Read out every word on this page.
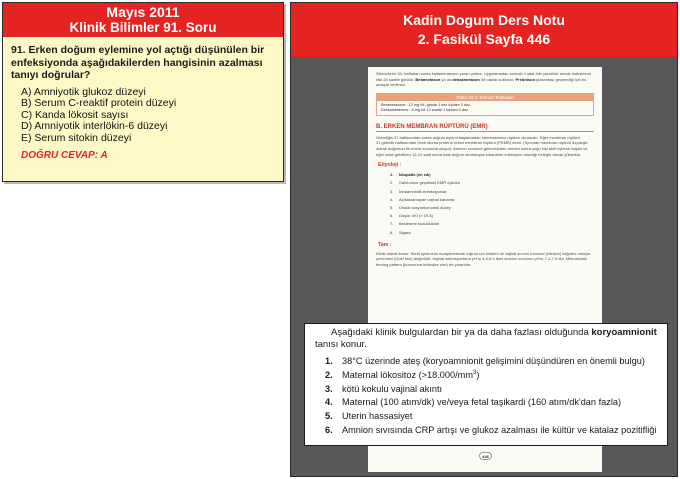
Mayıs 2011
Klinik Bilimler 91. Soru

91. Erken doğum eylemine yol açtığı düşünülen bir enfeksiyonda aşağıdakilerden hangisinin azalması tanıyı doğrular?

A) Amniyotik glukoz düzeyi
B) Serum C-reaktif protein düzeyi
C) Kanda lökosit sayısı
D) Amniyotik interlökin-6 düzeyi
E) Serum sitokin düzeyi

DOĞRU CEVAP: A

Kadin Dogum Ders Notu
2. Fasikül Sayfa 446

Steroidlerin 34. haftadan sonra kullanılmasının yararı yoktur. Uygulamadan sonraki 4 saat bile yararlıdır ancak maksimum etki 24 saatte görülür. Betametazon ya da deksametazon İM olarak kullanılır. Prednison plasentayı geçmediği için bu amaçla verilmez.

Tablo 33.2: Steroid Tedavileri
Betametazone : 12 mg IM, günde 1 kez toplam 2 doz
Deksametazone : 6 mg IM 12 saatte 1 toplam 4 doz
B. ERKEN MEMBRAN RÜPTÜRÜ (EMR)

Gebeliğin 37.haftasından sonra doğum eylemi başlamadan membranların rüptüre olmasıdır. Eğer membran rüptürü 37.gebelik haftasından önce olursa preterm erken membran rüptürü (PEMR) denir. (Spontan membran rüptürü fizyolojik olarak doğumun ilk evresi sonunda oluşur). Amnion sıvısının gelmesinden hemen sonra çoğu kişi aktif eyleme başlar ve eğer sular geldikten 12-24 saat sonra hala doğum olmamışsa intrauterin infeksiyon olasılığı belirgin olarak yüksektir.

Etiyoloji :
1. İdiopatik (en sık)
2. Daha önce geçirilmiş EMR öyküsü
3. İntraamniotik enfeksiyonlar
4. Açıklanamayan vajinal kanama
5. Düşük sosyoekonomik düzey
6. Düşük VKİ (< 19.8)
7. Beslenme bozuklukları
8. Sigara
Tanı :

Klinik olarak konur. Steril spekulum muayenesinde vajinal sıvı birikimi ve vajinal sıvının turnusol (nitrazin) kağıdını maviye çevirmesi (Gold test) değerlidir. Vajinal sekresyonların pH'sı 4.5-6.0 iken amnion sıvısının pH'sı 7.1-7.3 dür. Mikroskobik ferning pattern (kurumuna kristalize olur) de yararlıdır.

446

Aşağıdaki klinik bulgulardan bir ya da daha fazlası olduğunda koryoamnionit tanısı konur.

1. 38°C üzerinde ateş (koryoamnionit gelişimini düşündüren en önemli bulgu)
2. Maternal lökositoz $(>18.000/mm^3)$
3. kötü kokulu vajinal akıntı
4. Maternal (100 atım/dk) ve/veya fetal taşikardi (160 atım/dk'dan fazla)
5. Uterin hassasiyet
6. Amnion sıvısında CRP artışı ve glukoz azalması ile kültür ve katalaz pozitifliği
